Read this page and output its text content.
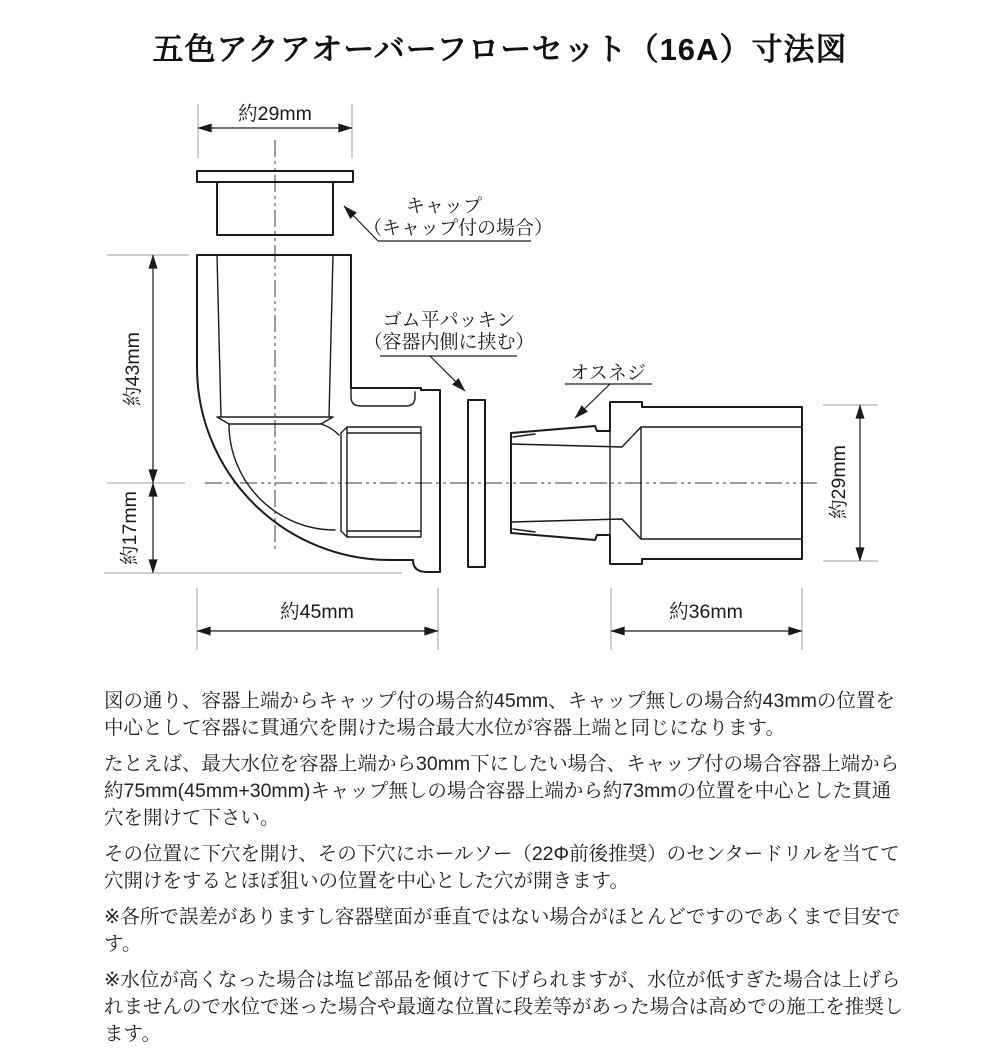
約29mm
約43mm
約17mm
約45mm	約36mm
約29mm
キャップ
（キャップ付の場合）
ゴム平パッキン
（容器内側に挟む）
オスネジ
五色アクアオーバーフローセット（16A）寸法図

図の通り、容器上端からキャップ付の場合約45mm、キャップ無しの場合約43mmの位置を中心として容器に貫通穴を開けた場合最大水位が容器上端と同じになります。

たとえば、最大水位を容器上端から30mm下にしたい場合、キャップ付の場合容器上端から約75mm(45mm+30mm)キャップ無しの場合容器上端から約73mmの位置を中心とした貫通穴を開けて下さい。

その位置に下穴を開け、その下穴にホールソー（22Φ前後推奨）のセンタードリルを当てて穴開けをするとほぼ狙いの位置を中心とした穴が開きます。

※各所で誤差がありますし容器壁面が垂直ではない場合がほとんどですのであくまで目安です。

※水位が高くなった場合は塩ビ部品を傾けて下げられますが、水位が低すぎた場合は上げられませんので水位で迷った場合や最適な位置に段差等があった場合は高めでの施工を推奨します。
